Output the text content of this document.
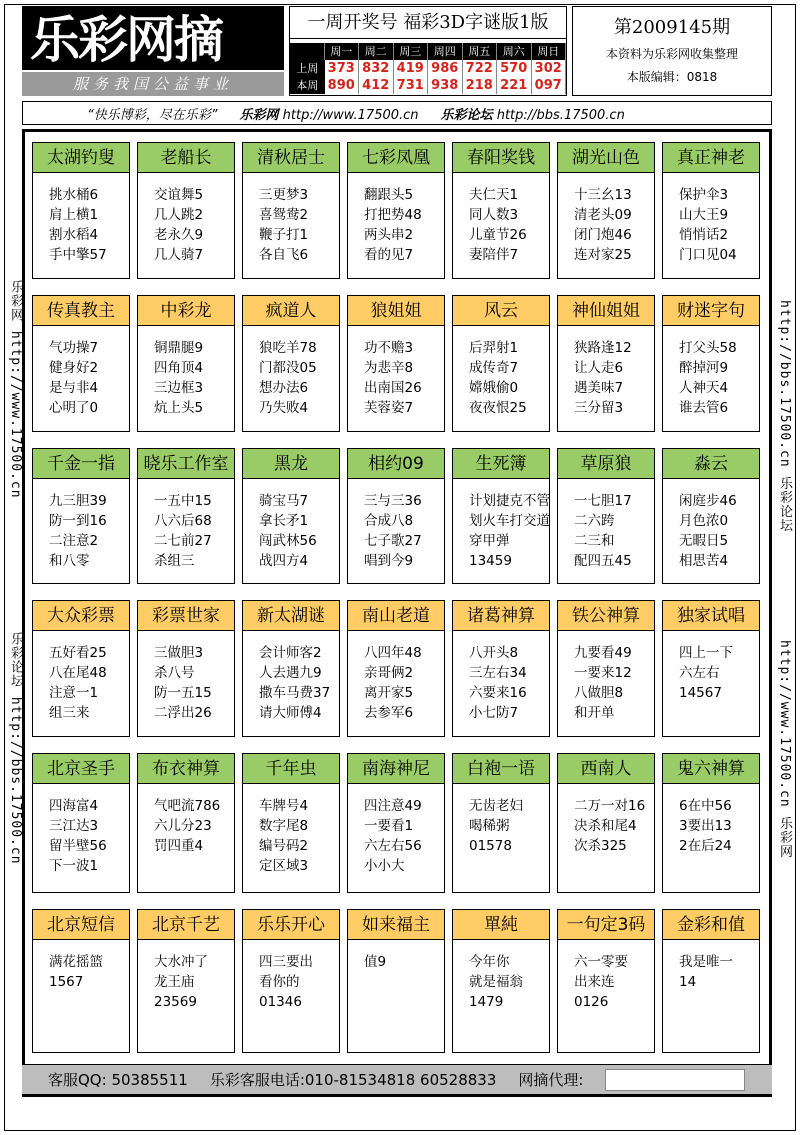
乐彩网摘
服务我国公益事业
一周开奖号 福彩3D字谜版1版
周一	周二	周三	周四	周五	周六	周日
上周 373 832 419 986 722 570 302
本周 890 412 731 938 218 221 097
第2009145期
本资料为乐彩网收集整理
本版编辑：0818
“快乐博彩，尽在乐彩” 乐彩网 http://www.17500.cn 乐彩论坛 http://bbs.17500.cn
乐彩网 http://www.17500.cn
乐彩论坛 http://bbs.17500.cn
http://bbs.17500.cn 乐彩论坛
http://www.17500.cn 乐彩网
太湖钓叟
挑水桶6
肩上横1
割水稻4
手中擎57
老船长
交谊舞5
几人跳2
老永久9
几人骑7
清秋居士
三更梦3
喜鸳鸯2
鞭子打1
各自飞6
七彩凤凰
翻跟头5
打把势48
两头串2
看的见7
春阳奖钱
夫仁天1
同人数3
儿童节26
妻陪伴7
湖光山色
十三幺13
清老头09
闭门炮46
连对家25
真正神老
保护伞3
山大王9
悄悄话2
门口见04
传真教主
气功操7
健身好2
是与非4
心明了0
中彩龙
铜鼎腿9
四角顶4
三边框3
炕上头5
疯道人
狼吃羊78
门都没05
想办法6
乃失败4
狼姐姐
功不赡3
为悲辛8
出南国26
芙蓉姿7
风云
后羿射1
成传奇7
嫦娥偷0
夜夜恨25
神仙姐姐
狭路逢12
让人走6
遇美味7
三分留3
财迷字句
打父头58
醉掉河9
人神天4
谁去管6
千金一指
九三胆39
防一到16
二注意2
和八零
晓乐工作室
一五中15
八六后68
二七前27
杀组三
黑龙
骑宝马7
拿长矛1
闯武林56
战四方4
相约09
三与三36
合成八8
七子歌27
唱到今9
生死簿
计划捷克不管
划火车打交道
穿甲弹
13459
草原狼
一七胆17
二六跨
二三和
配四五45
淼云
闲庭步46
月色浓0
无暇日5
相思苦4
大众彩票
五好看25
八在尾48
注意一1
组三来
彩票世家
三做胆3
杀八号
防一五15
二浮出26
新太湖谜
会计师客2
人去遇九9
撒车马费37
请大师傅4
南山老道
八四年48
亲哥俩2
离开家5
去参军6
诸葛神算
八开头8
三左右34
六要来16
小七防7
铁公神算
九要看49
一要来12
八做胆8
和开单
独家试唱
四上一下
六左右
14567
北京圣手
四海富4
三江达3
留半壁56
下一波1
布衣神算
气吧流786
六儿分23
罚四重4
千年虫
车牌号4
数字尾8
编号码2
定区域3
南海神尼
四注意49
一要看1
六左右56
小小大
白袍一语
无齿老妇
喝稀粥
01578
西南人
二万一对16
决杀和尾4
次杀325
鬼六神算
6在中56
3要出13
2在后24
北京短信
满花摇篮
1567
北京千艺
大水冲了
龙王庙
23569
乐乐开心
四三要出
看你的
01346
如来福主
值9
單純
今年你
就是福翁
1479
一句定3码
六一零要
出来连
0126
金彩和值
我是唯一
14
客服QQ: 50385511 乐彩客服电话:010-81534818 60528833 网摘代理:
